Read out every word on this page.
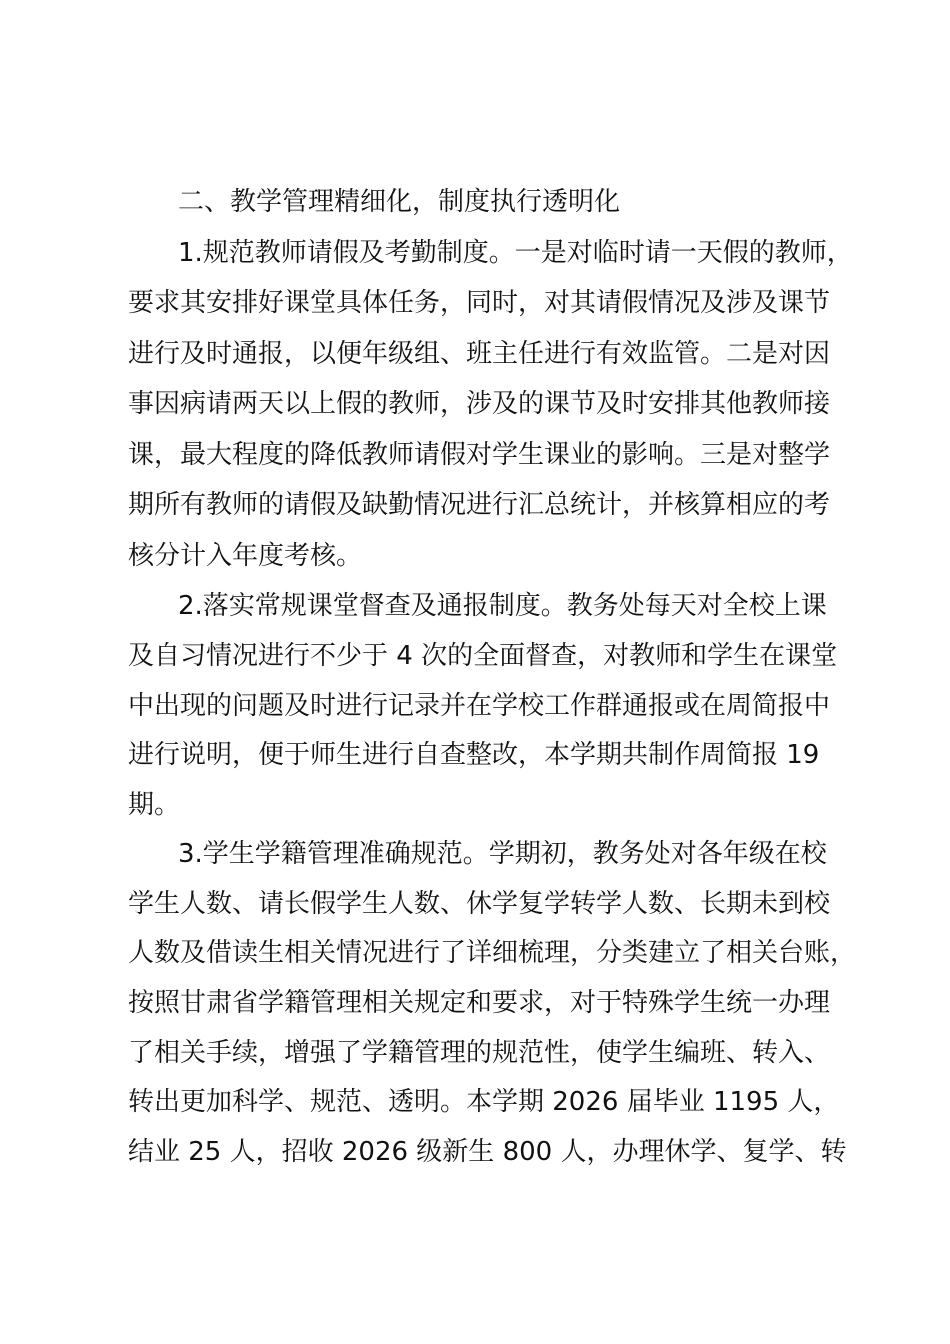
二、教学管理精细化，制度执行透明化
1.规范教师请假及考勤制度。一是对临时请一天假的教师，
要求其安排好课堂具体任务，同时，对其请假情况及涉及课节
进行及时通报，以便年级组、班主任进行有效监管。二是对因
事因病请两天以上假的教师，涉及的课节及时安排其他教师接
课，最大程度的降低教师请假对学生课业的影响。三是对整学
期所有教师的请假及缺勤情况进行汇总统计，并核算相应的考
核分计入年度考核。
2.落实常规课堂督查及通报制度。教务处每天对全校上课
及自习情况进行不少于 4 次的全面督查，对教师和学生在课堂
中出现的问题及时进行记录并在学校工作群通报或在周简报中
进行说明，便于师生进行自查整改，本学期共制作周简报 19
期。
3.学生学籍管理准确规范。学期初，教务处对各年级在校
学生人数、请长假学生人数、休学复学转学人数、长期未到校
人数及借读生相关情况进行了详细梳理，分类建立了相关台账，
按照甘肃省学籍管理相关规定和要求，对于特殊学生统一办理
了相关手续，增强了学籍管理的规范性，使学生编班、转入、
转出更加科学、规范、透明。本学期 2026 届毕业 1195 人，
结业 25 人，招收 2026 级新生 800 人，办理休学、复学、转
